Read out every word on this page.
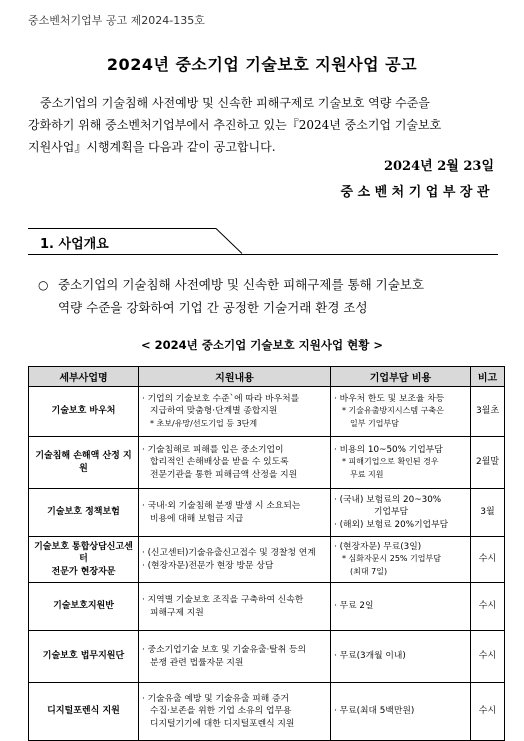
중소벤처기업부 공고 제2024-135호
2024년 중소기업 기술보호 지원사업 공고
중소기업의 기술침해 사전예방 및 신속한 피해구제로 기술보호 역량 수준을
강화하기 위해 중소벤처기업부에서 추진하고 있는『2024년 중소기업 기술보호
지원사업』시행계획을 다음과 같이 공고합니다.
2024년 2월 23일
중소벤처기업부장관
1. 사업개요
○ 중소기업의 기술침해 사전예방 및 신속한 피해구제를 통해 기술보호
역량 수준을 강화하여 기업 간 공정한 기술거래 환경 조성
< 2024년 중소기업 기술보호 지원사업 현황 >
세부사업명	지원내용	기업부담 비용	비고
기술보호 바우처	· 기업의 기술보호 수준`에 따라 바우처를
지급하여 맞춤형·단계별 종합지원
* 초보/유망/선도기업 등 3단계	· 바우처 한도 및 보조율 차등
* 기술유출방지시스템 구축은
일부 기업부담	3월초
기술침해 손해액 산정 지원	· 기술침해로 피해를 입은 중소기업이
합리적인 손해배상을 받을 수 있도록
전문기관을 통한 피해금액 산정을 지원	· 비용의 10~50% 기업부담
* 피해기업으로 확인된 경우
무료 지원	2월말
기술보호 정책보험	· 국내·외 기술침해 분쟁 발생 시 소요되는
비용에 대해 보험금 지급	· (국내) 보험료의 20~30%
기업부담
· (해외) 보험료 20%기업부담	3월

기술보호 통합상담신고센터
전문가 현장자문	· (신고센터)기술유출신고접수 및 경찰청 연계
· (현장자문)전문가 현장 방문 상담	· (현장자문) 무료(3일)
* 심화자문시 25% 기업부담
(최대 7일)	수시
기술보호지원반	· 지역별 기술보호 조직을 구축하여 신속한
피해구제 지원	· 무료 2일	수시
기술보호 법무지원단	· 중소기업기술 보호 및 기술유출·탈취 등의
분쟁 관련 법률자문 지원	· 무료(3개월 이내)	수시
디지털포렌식 지원	· 기술유출 예방 및 기술유출 피해 증거
수집·보존을 위한 기업 소유의 업무용
디지털기기에 대한 디지털포렌식 지원	· 무료(최대 5백만원)	수시
